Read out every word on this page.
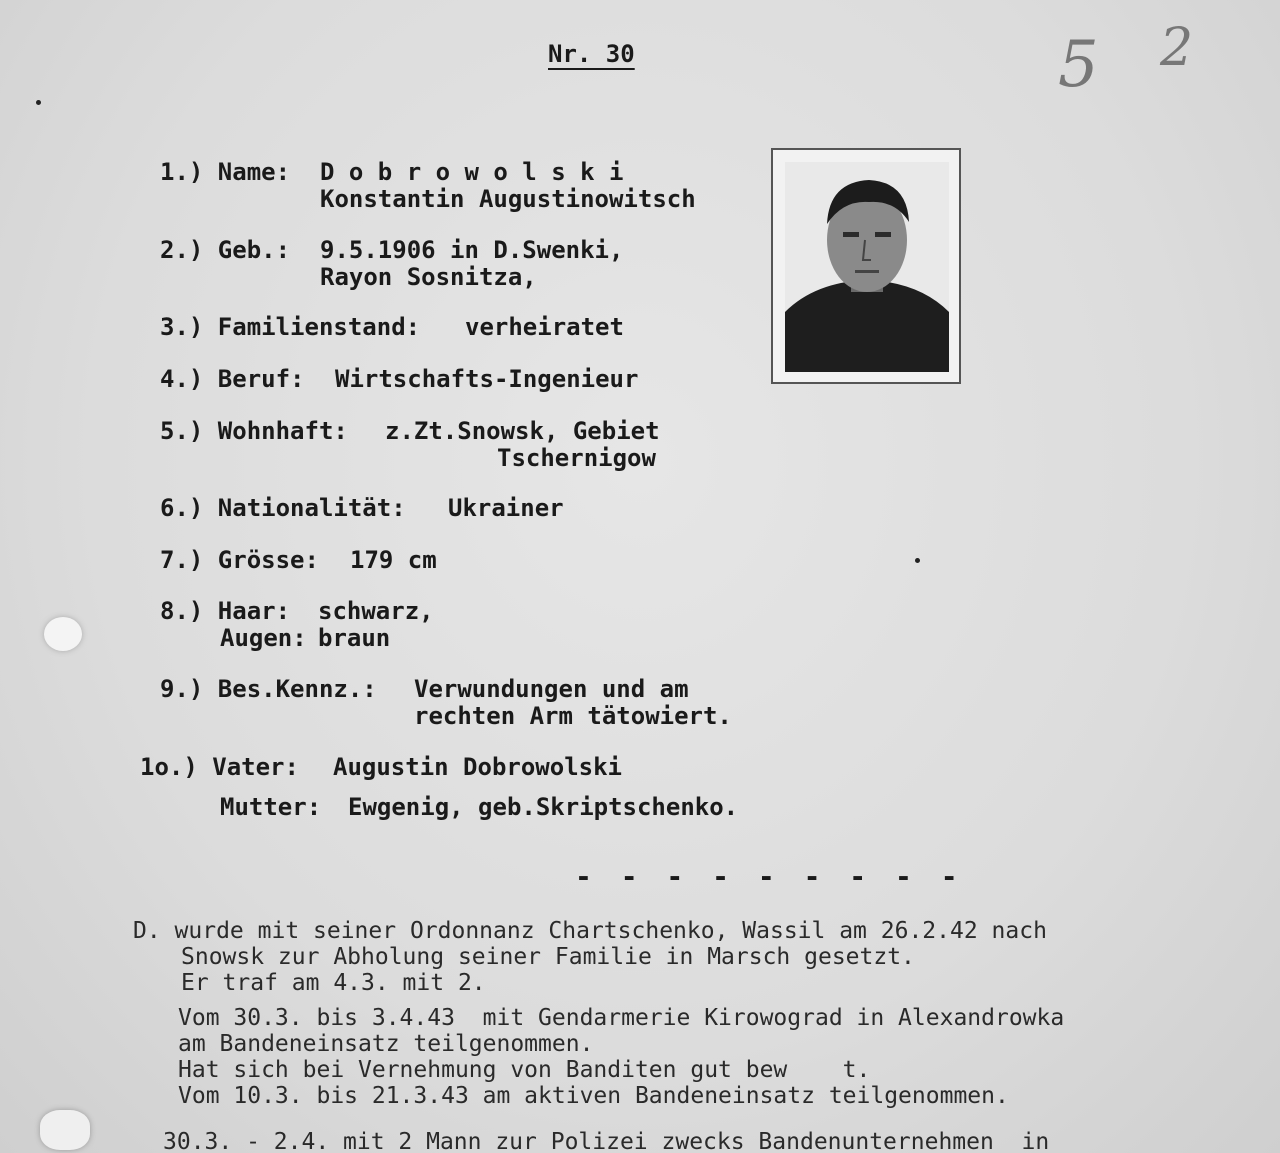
Nr. 30	5 2
1.) Name: D o b r o w o l s k i
Konstantin Augustinowitsch
2.) Geb.: 9.5.1906 in D.Swenki,
Rayon Sosnitza,
3.) Familienstand: verheiratet
4.) Beruf: Wirtschafts-Ingenieur
5.) Wohnhaft: z.Zt.Snowsk, Gebiet
Tschernigow
6.) Nationalität: Ukrainer
7.) Grösse: 179 cm
8.) Haar: schwarz,
Augen: braun
9.) Bes.Kennz.: Verwundungen und am
rechten Arm tätowiert.
1o.) Vater: Augustin Dobrowolski
Mutter: Ewgenig, geb.Skriptschenko.
- - - - - - - - -
D. wurde mit seiner Ordonnanz Chartschenko, Wassil am 26.2.42 nach
Snowsk zur Abholung seiner Familie in Marsch gesetzt.
Er traf am 4.3. mit 2.
Vom 30.3. bis 3.4.43  mit Gendarmerie Kirowograd in Alexandrowka
am Bandeneinsatz teilgenommen.
Hat sich bei Vernehmung von Banditen gut bew    t.
Vom 10.3. bis 21.3.43 am aktiven Bandeneinsatz teilgenommen.
30.3. - 2.4. mit 2 Mann zur Polizei zwecks Bandenunternehmen  in
